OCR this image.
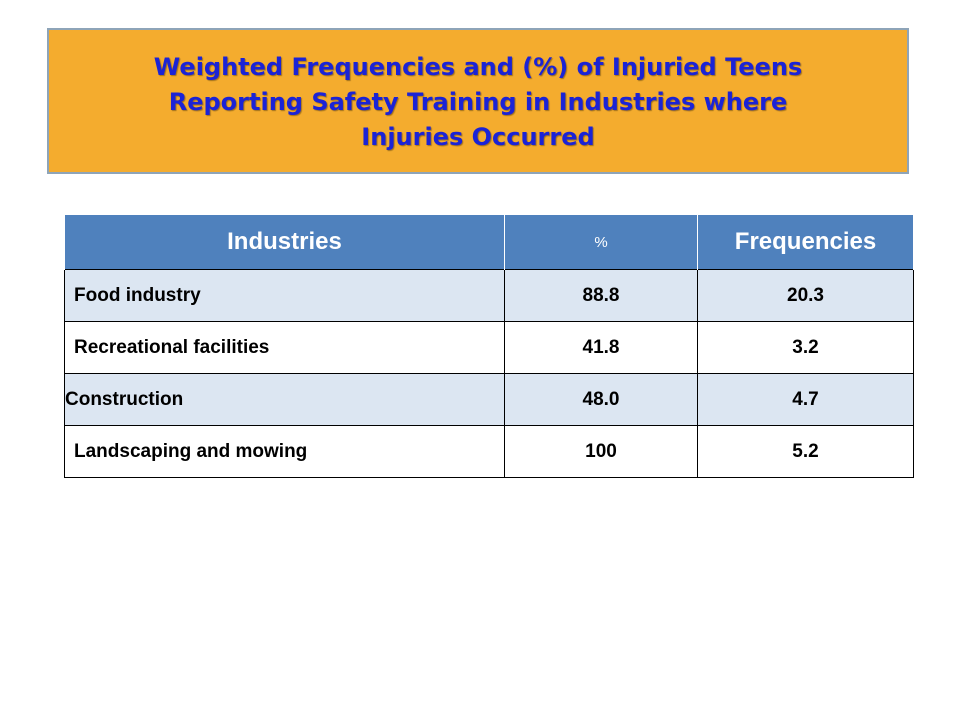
Weighted Frequencies and (%) of Injuried Teens
Reporting Safety Training in Industries where
Injuries Occurred
Industries	%	Frequencies
Food industry	88.8	20.3
Recreational facilities	41.8	3.2
Construction	48.0	4.7
Landscaping and mowing	100	5.2
